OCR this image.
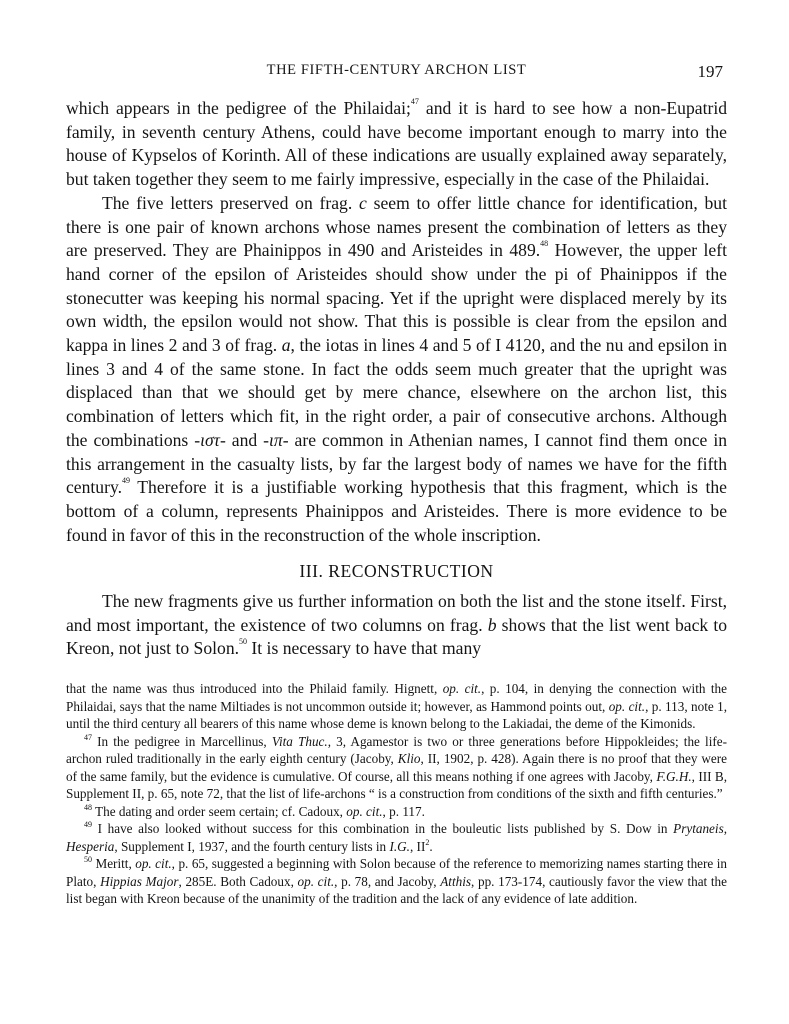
THE FIFTH-CENTURY ARCHON LIST	197

which appears in the pedigree of the Philaidai;$^{47}$ and it is hard to see how a non-Eupatrid family, in seventh century Athens, could have become important enough to marry into the house of Kypselos of Korinth. All of these indications are usually explained away separately, but taken together they seem to me fairly impressive, especially in the case of the Philaidai.

The five letters preserved on frag. c seem to offer little chance for identification, but there is one pair of known archons whose names present the combination of letters as they are preserved. They are Phainippos in 490 and Aristeides in 489.48 However, the upper left hand corner of the epsilon of Aristeides should show under the pi of Phainippos if the stonecutter was keeping his normal spacing. Yet if the upright were displaced merely by its own width, the epsilon would not show. That this is possible is clear from the epsilon and kappa in lines 2 and 3 of frag. a, the iotas in lines 4 and 5 of I 4120, and the nu and epsilon in lines 3 and 4 of the same stone. In fact the odds seem much greater that the upright was displaced than that we should get by mere chance, elsewhere on the archon list, this combination of letters which fit, in the right order, a pair of consecutive archons. Although the combinations -ιστ- and -ιπ- are common in Athenian names, I cannot find them once in this arrangement in the casualty lists, by far the largest body of names we have for the fifth century.$^{49}$ Therefore it is a justifiable working hypothesis that this fragment, which is the bottom of a column, represents Phainippos and Aristeides. There is more evidence to be found in favor of this in the reconstruction of the whole inscription.

III. RECONSTRUCTION

The new fragments give us further information on both the list and the stone itself. First, and most important, the existence of two columns on frag. b shows that the list went back to Kreon, not just to Solon.$^{50}$ It is necessary to have that many

that the name was thus introduced into the Philaid family. Hignett, op. cit., p. 104, in denying the connection with the Philaidai, says that the name Miltiades is not uncommon outside it; however, as Hammond points out, op. cit., p. 113, note 1, until the third century all bearers of this name whose deme is known belong to the Lakiadai, the deme of the Kimonids.

$^{47}$ In the pedigree in Marcellinus, Vita Thuc., 3, Agamestor is two or three generations before Hippokleides; the life-archon ruled traditionally in the early eighth century (Jacoby, Klio, II, 1902, p. 428). Again there is no proof that they were of the same family, but the evidence is cumulative. Of course, all this means nothing if one agrees with Jacoby, F.G.H., III B, Supplement II, p. 65, note 72, that the list of life-archons “ is a construction from conditions of the sixth and fifth centuries.”

$^{48}$ The dating and order seem certain; cf. Cadoux, op. cit., p. 117.

$^{49}$ I have also looked without success for this combination in the bouleutic lists published by S. Dow in Prytaneis, Hesperia, Supplement I, 1937, and the fourth century lists in I.G., $II^2$.

$^{50}$ Meritt, op. cit., p. 65, suggested a beginning with Solon because of the reference to memorizing names starting there in Plato, Hippias Major, 285E. Both Cadoux, op. cit., p. 78, and Jacoby, Atthis, pp. 173-174, cautiously favor the view that the list began with Kreon because of the unanimity of the tradition and the lack of any evidence of late addition.
